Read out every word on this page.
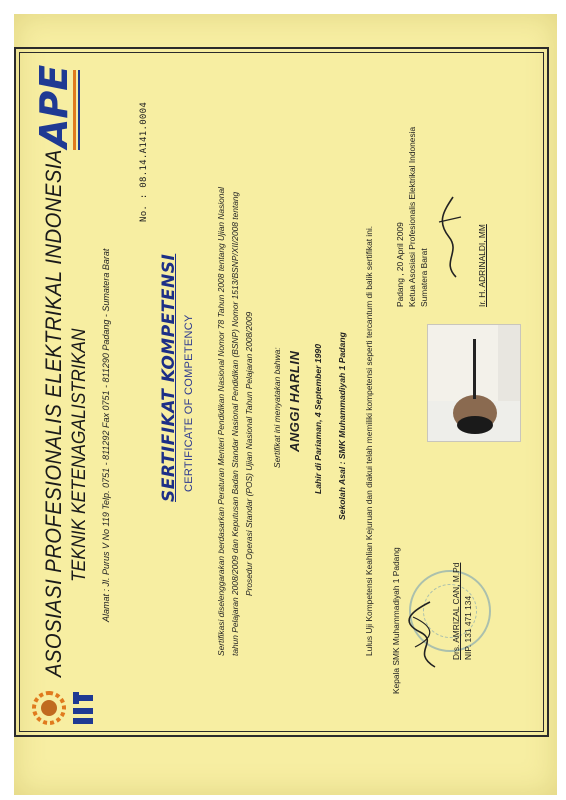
APEI
No. : 08.14.A141.0004
ASOSIASI PROFESIONALIS ELEKTRIKAL INDONESIA TEKNIK KETENAGALISTRIKAN Alamat : Jl. Purus V No 119 Telp. 0751 - 811292 Fax 0751 - 811290 Padang - Sumatera Barat	SERTIFIKAT KOMPETENSI CERTIFICATE OF COMPETENCY	Sertifikasi diselenggarakan berdasarkan Peraturan Menteri Pendidikan Nasional Nomor 78 Tahun 2008 tentang Ujian Nasional tahun Pelajaran 2008/2009 dan Keputusan Badan Standar Nasional Pendidikan (BSNP) Nomor 1513/BSNP/XII/2008 tentang Prosedur Operasi Standar (POS) Ujian Nasional Tahun Pelajaran 2008/2009 Sertifikat ini menyatakan bahwa: ANGGI HARLIN Lahir di Pariaman, 4 September 1990 Sekolah Asal : SMK Muhammadiyah 1 Padang Lulus Uji Kompetensi Keahlian Kejuruan dan diakui telah memiliki kompetensi seperti tercantum di balik sertifikat ini. Kepala SMK Muhammadiyah 1 Padang	Drs. AMRIZAL CAN, M.Pd NIP. 131 471 134
Padang , 20 April 2009 Ketua Asosiasi Profesionalis Elektrikal Indonesia Sumatera Barat	Ir. H. ADRINALDI, MM
